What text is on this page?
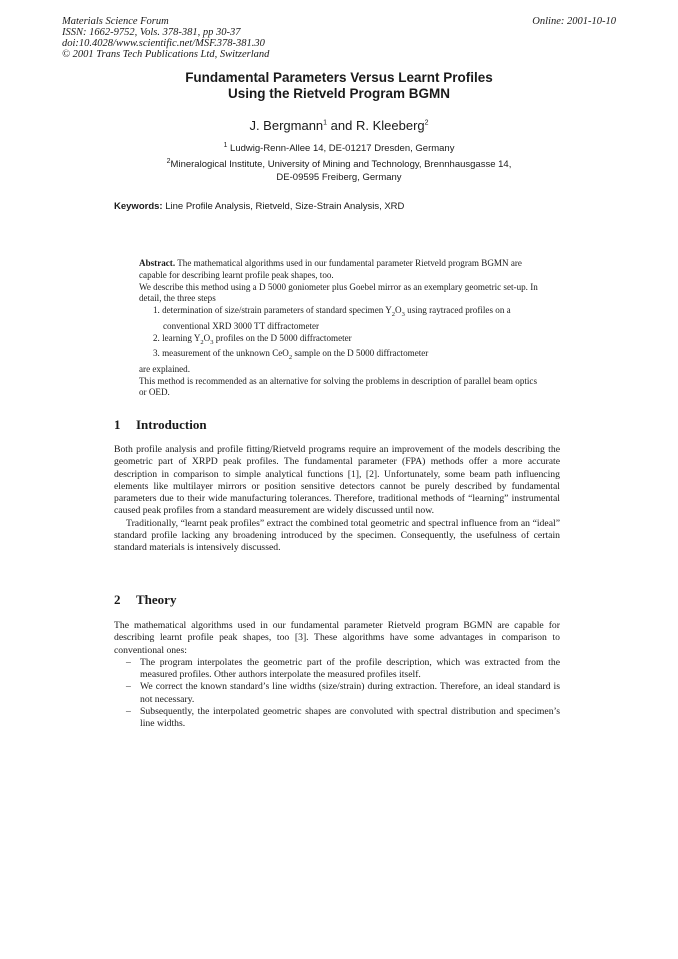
Materials Science Forum
ISSN: 1662-9752, Vols. 378-381, pp 30-37
doi:10.4028/www.scientific.net/MSF.378-381.30
© 2001 Trans Tech Publications Ltd, Switzerland
Online: 2001-10-10
Fundamental Parameters Versus Learnt Profiles
Using the Rietveld Program BGMN
J. Bergmann$^1$ and R. Kleeberg$^2$
$^1$ Ludwig-Renn-Allee 14, DE-01217 Dresden, Germany
$^2$Mineralogical Institute, University of Mining and Technology, Brennhausgasse 14,
DE-09595 Freiberg, Germany
Keywords: Line Profile Analysis, Rietveld, Size-Strain Analysis, XRD
Abstract. The mathematical algorithms used in our fundamental parameter Rietveld program BGMN are capable for describing learnt profile peak shapes, too.
We describe this method using a D 5000 goniometer plus Goebel mirror as an exemplary geometric set-up. In detail, the three steps
1. determination of size/strain parameters of standard specimen $Y_2O_3$ using raytraced profiles on a conventional XRD 3000 TT diffractometer
2. learning $Y_2O_3$ profiles on the D 5000 diffractometer
3. measurement of the unknown CeO$_2$ sample on the D 5000 diffractometer
are explained.
This method is recommended as an alternative for solving the problems in description of parallel beam optics or OED.
1 Introduction

Both profile analysis and profile fitting/Rietveld programs require an improvement of the models describing the geometric part of XRPD peak profiles. The fundamental parameter (FPA) methods offer a more accurate description in comparison to simple analytical functions [1], [2]. Unfortunately, some beam path influencing elements like multilayer mirrors or position sensitive detectors cannot be purely described by fundamental parameters due to their wide manufacturing tolerances. Therefore, traditional methods of “learning” instrumental caused peak profiles from a standard measurement are widely discussed until now.

Traditionally, “learnt peak profiles” extract the combined total geometric and spectral influence from an “ideal” standard profile lacking any broadening introduced by the specimen. Consequently, the usefulness of certain standard materials is intensively discussed.

2 Theory

The mathematical algorithms used in our fundamental parameter Rietveld program BGMN are capable for describing learnt profile peak shapes, too [3]. These algorithms have some advantages in comparison to conventional ones:

– The program interpolates the geometric part of the profile description, which was extracted from the measured profiles. Other authors interpolate the measured profiles itself.
– We correct the known standard’s line widths (size/strain) during extraction. Therefore, an ideal standard is not necessary.
– Subsequently, the interpolated geometric shapes are convoluted with spectral distribution and specimen’s line widths.
